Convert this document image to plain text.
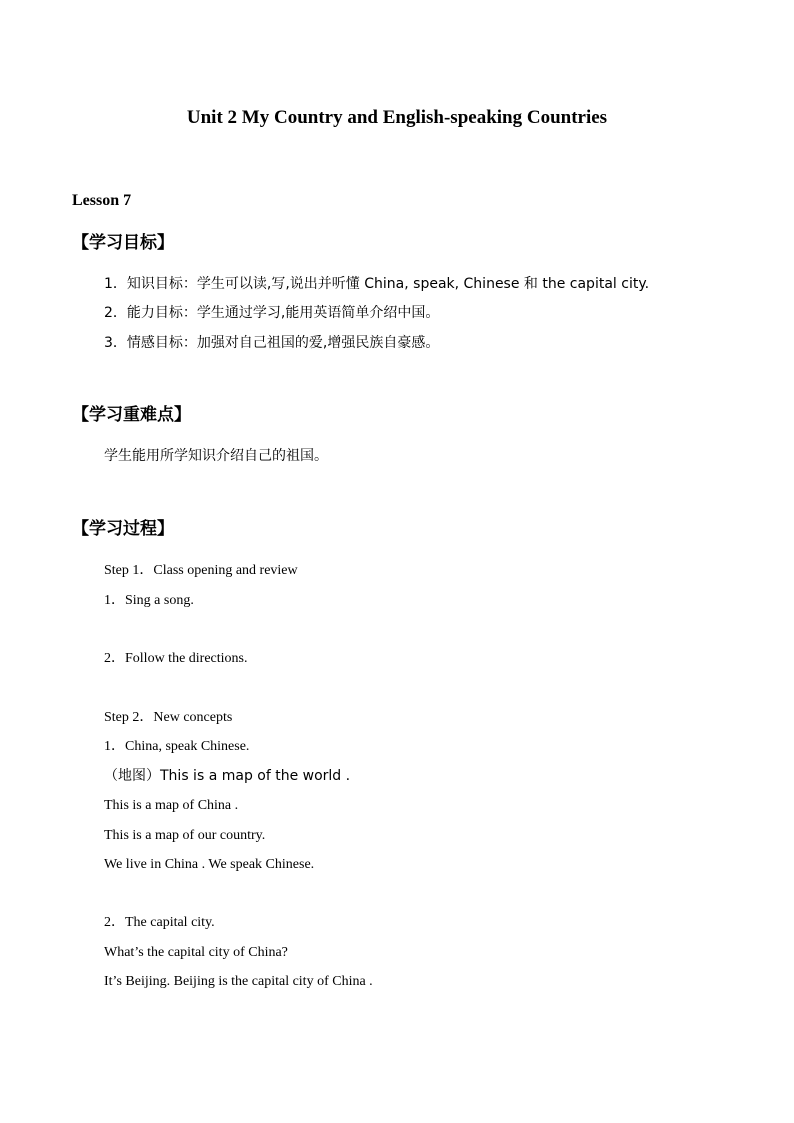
Unit 2 My Country and English-speaking Countries
Lesson 7
【学习目标】
1．知识目标：学生可以读,写,说出并听懂 China, speak, Chinese 和 the capital city.
2．能力目标：学生通过学习,能用英语简单介绍中国。
3．情感目标：加强对自己祖国的爱,增强民族自豪感。
【学习重难点】
学生能用所学知识介绍自己的祖国。
【学习过程】
Step 1．Class opening and review
1．Sing a song.
2．Follow the directions.
Step 2．New concepts
1．China, speak Chinese.
（地图）This is a map of the world .
This is a map of China .
This is a map of our country.
We live in China . We speak Chinese.
2．The capital city.
What’s the capital city of China?
It’s Beijing. Beijing is the capital city of China .
